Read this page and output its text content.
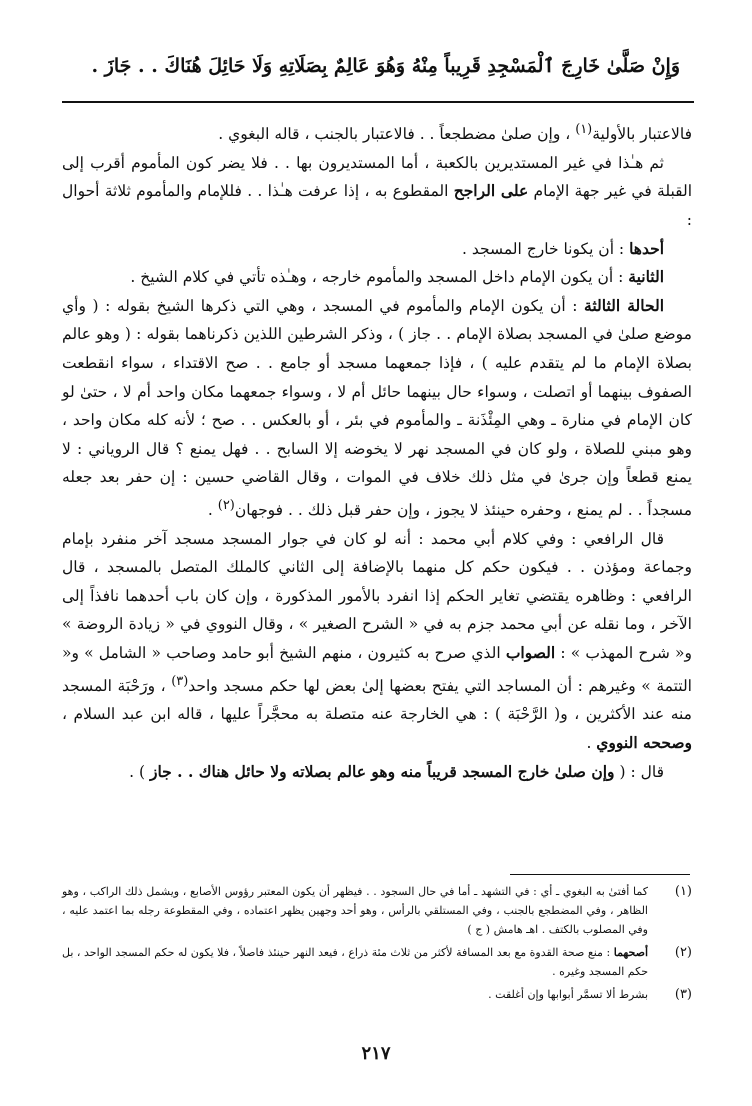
وَإِنْ صَلَّىٰ خَارِجَ ٱلْمَسْجِدِ قَرِيباً مِنْهُ وَهُوَ عَالِمٌ بِصَلَاتِهِ وَلَا حَائِلَ هُنَاكَ . . جَازَ .

فالاعتبار بالأولية$^{(١)}$ ، وإن صلىٰ مضطجعاً . . فالاعتبار بالجنب ، قاله البغوي .

ثم هـٰذا في غير المستديرين بالكعبة ، أما المستديرون بها . . فلا يضر كون المأموم أقرب إلى القبلة في غير جهة الإمام على الراجح المقطوع به ، إذا عرفت هـٰذا . . فللإمام والمأموم ثلاثة أحوال :

أحدها : أن يكونا خارج المسجد .

الثانية : أن يكون الإمام داخل المسجد والمأموم خارجه ، وهـٰذه تأتي في كلام الشيخ .

الحالة الثالثة : أن يكون الإمام والمأموم في المسجد ، وهي التي ذكرها الشيخ بقوله : ( وأي موضع صلىٰ في المسجد بصلاة الإمام . . جاز ) ، وذكر الشرطين اللذين ذكرناهما بقوله : ( وهو عالم بصلاة الإمام ما لم يتقدم عليه ) ، فإذا جمعهما مسجد أو جامع . . صح الاقتداء ، سواء انقطعت الصفوف بينهما أو اتصلت ، وسواء حال بينهما حائل أم لا ، وسواء جمعهما مكان واحد أم لا ، حتىٰ لو كان الإمام في منارة ـ وهي المِئْذَنة ـ والمأموم في بئر ، أو بالعكس . . صح ؛ لأنه كله مكان واحد ، وهو مبني للصلاة ، ولو كان في المسجد نهر لا يخوضه إلا السابح . . فهل يمنع ؟ قال الروياني : لا يمنع قطعاً وإن جرىٰ في مثل ذلك خلاف في الموات ، وقال القاضي حسين : إن حفر بعد جعله مسجداً . . لم يمنع ، وحفره حينئذ لا يجوز ، وإن حفر قبل ذلك . . فوجهان$^{(٢)}$ .

قال الرافعي : وفي كلام أبي محمد : أنه لو كان في جوار المسجد مسجد آخر منفرد بإمام وجماعة ومؤذن . . فيكون حكم كل منهما بالإضافة إلى الثاني كالملك المتصل بالمسجد ، قال الرافعي : وظاهره يقتضي تغاير الحكم إذا انفرد بالأمور المذكورة ، وإن كان باب أحدهما نافذاً إلى الآخر ، وما نقله عن أبي محمد جزم به في « الشرح الصغير » ، وقال النووي في « زيادة الروضة » و« شرح المهذب » : الصواب الذي صرح به كثيرون ، منهم الشيخ أبو حامد وصاحب « الشامل » و« التتمة » وغيرهم : أن المساجد التي يفتح بعضها إلىٰ بعض لها حكم مسجد واحد$^{(٣)}$ ، ورَحْبَة المسجد منه عند الأكثرين ، و( الرَّحْبَة ) : هي الخارجة عنه متصلة به محجَّراً عليها ، قاله ابن عبد السلام ، وصححه النووي .

قال : ( وإن صلىٰ خارج المسجد قريباً منه وهو عالم بصلاته ولا حائل هناك . . جاز ) .

(١)
كما أفتىٰ به البغوي ـ أي : في التشهد ـ أما في حال السجود . . فيظهر أن يكون المعتبر رؤوس الأصابع ، ويشمل ذلك الراكب ، وهو الظاهر ، وفي المضطجع بالجنب ، وفي المستلقي بالرأس ، وهو أحد وجهين يظهر اعتماده ، وفي المقطوعة رجله بما اعتمد عليه ، وفي المصلوب بالكتف . اهـ هامش ( ج )
(٢)
أصحهما : منع صحة القدوة مع بعد المسافة لأكثر من ثلاث مئة ذراع ، فيعد النهر حينئذ فاصلاً ، فلا يكون له حكم المسجد الواحد ، بل حكم المسجد وغيره .
(٣)
بشرط ألا تسمَّر أبوابها وإن أغلقت .
٢١٧
